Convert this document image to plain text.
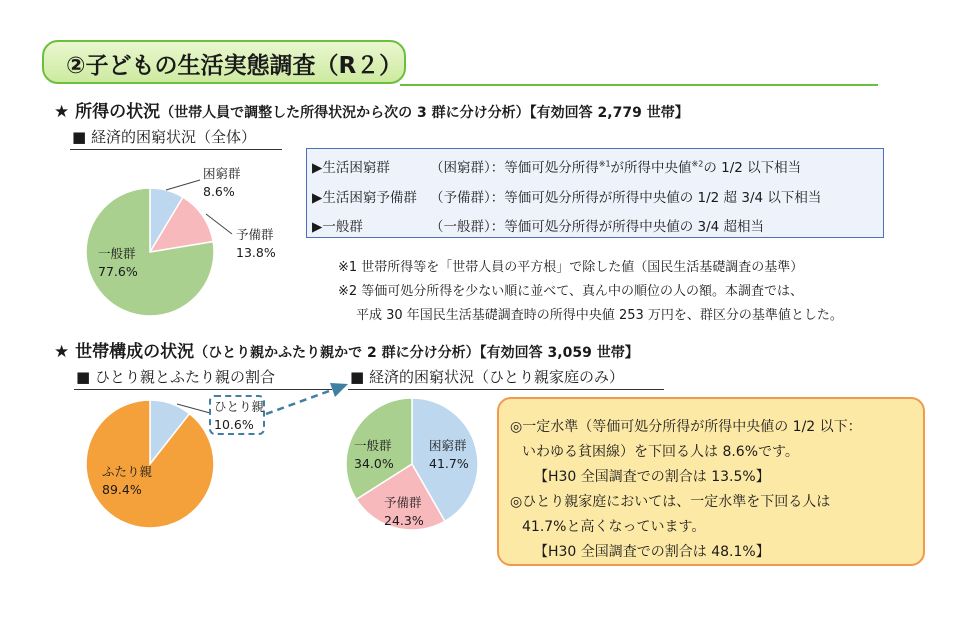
②子どもの生活実態調査（R２）
★ 所得の状況（世帯人員で調整した所得状況から次の 3 群に分け分析）【有効回答 2,779 世帯】
■ 経済的困窮状況（全体）
困窮群
8.6%
予備群
13.8%
一般群
77.6%
▶生活困窮群	（困窮群）：等価可処分所得$^{※1}$が所得中央値$^{※2}$の 1/2 以下相当
▶生活困窮予備群 （予備群）：等価可処分所得が所得中央値の 1/2 超 3/4 以下相当
▶一般群	（一般群）：等価可処分所得が所得中央値の 3/4 超相当
※1 世帯所得等を「世帯人員の平方根」で除した値（国民生活基礎調査の基準）
※2 等価可処分所得を少ない順に並べて、真ん中の順位の人の額。本調査では、
平成 30 年国民生活基礎調査時の所得中央値 253 万円を、群区分の基準値とした。
★ 世帯構成の状況（ひとり親かふたり親かで 2 群に分け分析）【有効回答 3,059 世帯】
■ ひとり親とふたり親の割合	■ 経済的困窮状況（ひとり親家庭のみ）
ひとり親
10.6%
ふたり親
89.4%
困窮群
41.7%
予備群
24.3%
一般群
34.0%
◎一定水準（等価可処分所得が所得中央値の 1/2 以下：
いわゆる貧困線）を下回る人は 8.6%です。
【H30 全国調査での割合は 13.5%】
◎ひとり親家庭においては、一定水準を下回る人は
41.7%と高くなっています。
【H30 全国調査での割合は 48.1%】
